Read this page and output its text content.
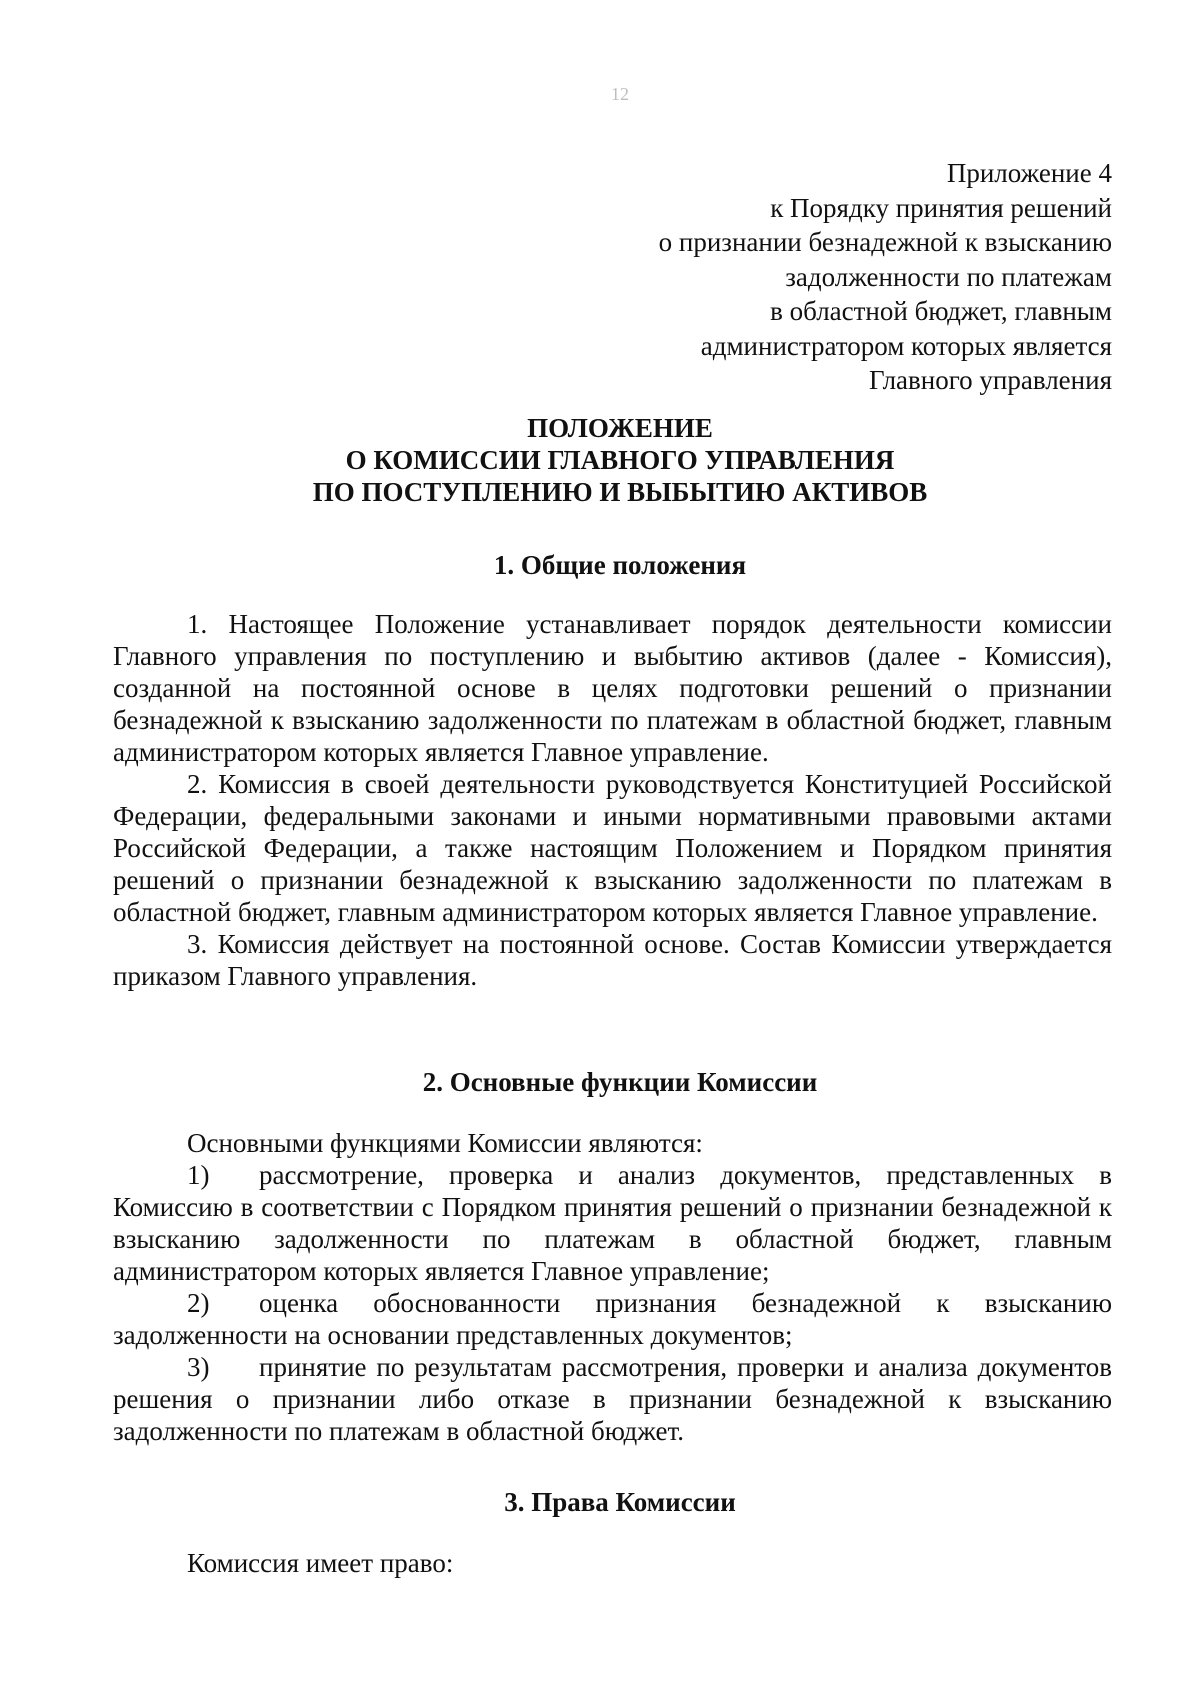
12
Приложение 4
к Порядку принятия решений
о признании безнадежной к взысканию
задолженности по платежам
в областной бюджет, главным
администратором которых является
Главного управления
ПОЛОЖЕНИЕ
О КОМИССИИ ГЛАВНОГО УПРАВЛЕНИЯ
ПО ПОСТУПЛЕНИЮ И ВЫБЫТИЮ АКТИВОВ
1. Общие положения

1. Настоящее Положение устанавливает порядок деятельности комиссии Главного управления по поступлению и выбытию активов (далее - Комиссия), созданной на постоянной основе в целях подготовки решений о признании безнадежной к взысканию задолженности по платежам в областной бюджет, главным администратором которых является Главное управление.

2. Комиссия в своей деятельности руководствуется Конституцией Российской Федерации, федеральными законами и иными нормативными правовыми актами Российской Федерации, а также настоящим Положением и Порядком принятия решений о признании безнадежной к взысканию задолженности по платежам в областной бюджет, главным администратором которых является Главное управление.

3. Комиссия действует на постоянной основе. Состав Комиссии утверждается приказом Главного управления.

2. Основные функции Комиссии

Основными функциями Комиссии являются:

1) рассмотрение, проверка и анализ документов, представленных в Комиссию в соответствии с Порядком принятия решений о признании безнадежной к взысканию задолженности по платежам в областной бюджет, главным администратором которых является Главное управление;

2) оценка обоснованности признания безнадежной к взысканию задолженности на основании представленных документов;

3) принятие по результатам рассмотрения, проверки и анализа документов решения о признании либо отказе в признании безнадежной к взысканию задолженности по платежам в областной бюджет.

3. Права Комиссии

Комиссия имеет право:
